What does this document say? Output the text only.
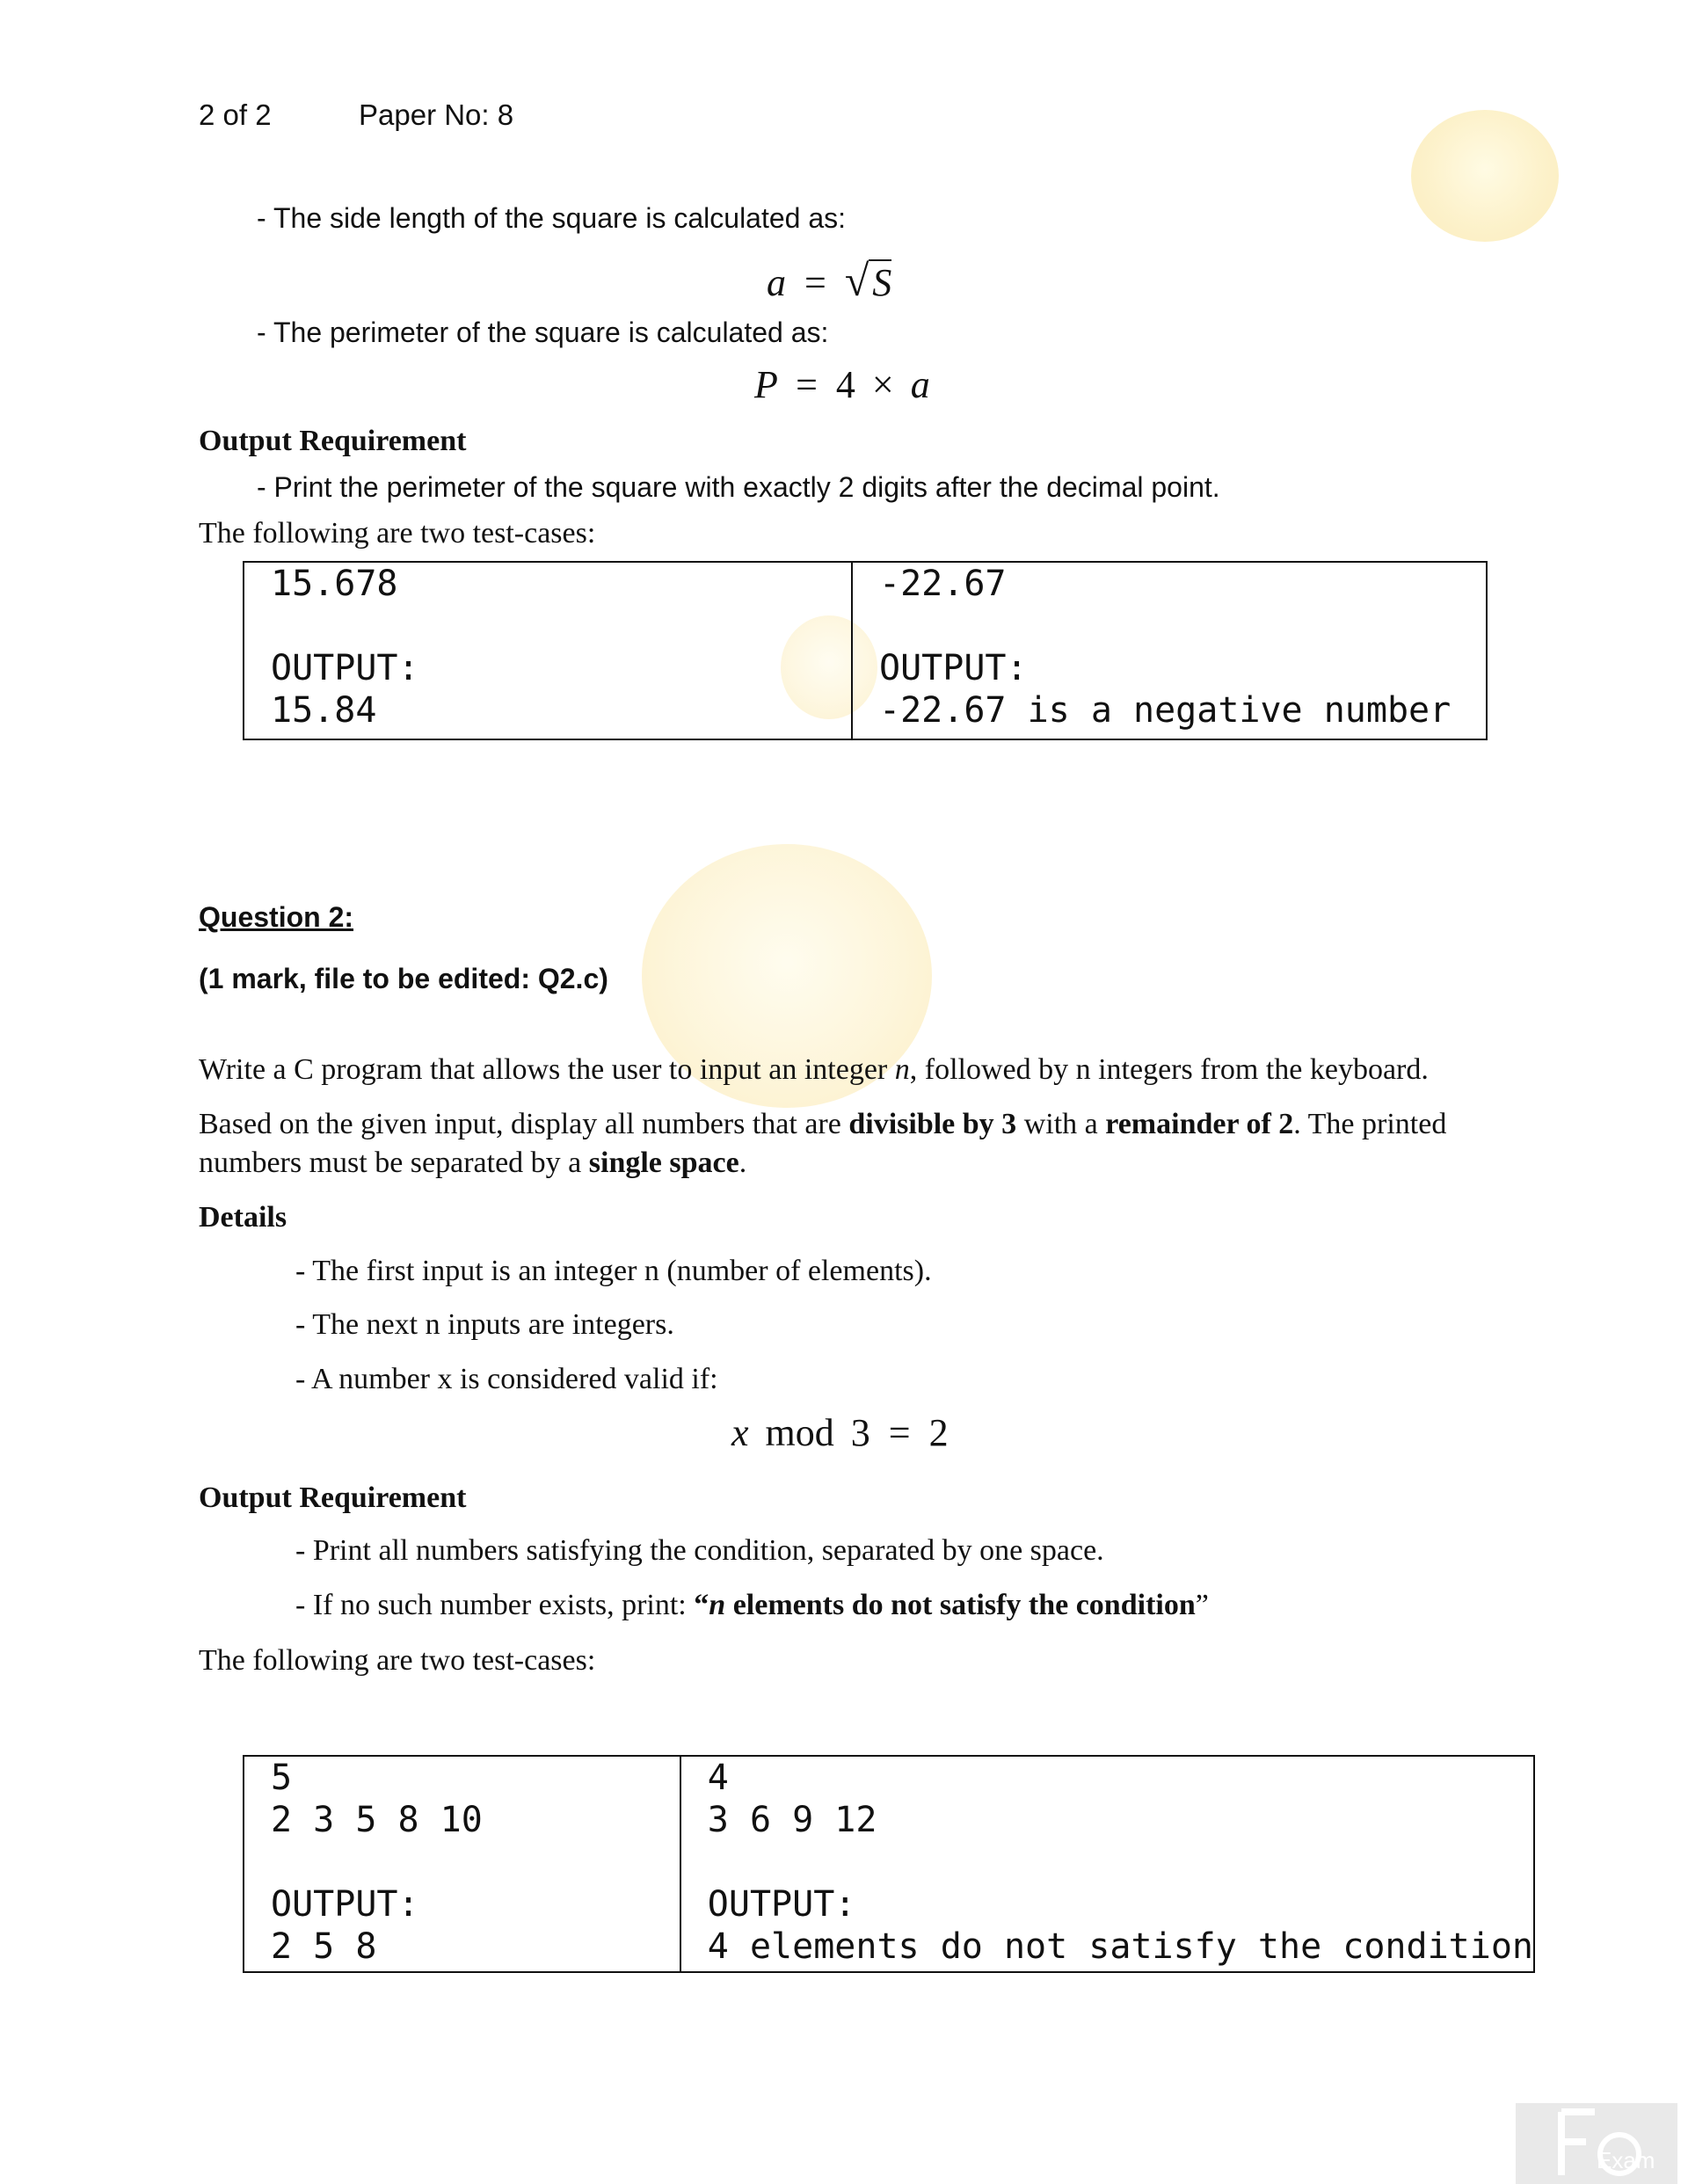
2 of 2	Paper No: 8
- The side length of the square is calculated as:
a = √S
- The perimeter of the square is calculated as:
P = 4 × a
Output Requirement
- Print the perimeter of the square with exactly 2 digits after the decimal point.
The following are two test-cases:
15.678
OUTPUT:
15.84

-22.67
OUTPUT:
-22.67 is a negative number
Question 2:
(1 mark, file to be edited: Q2.c)
Write a C program that allows the user to input an integer n, followed by n integers from the keyboard.
Based on the given input, display all numbers that are divisible by 3 with a remainder of 2. The printed
numbers must be separated by a single space.
Details
- The first input is an integer n (number of elements).
- The next n inputs are integers.
- A number x is considered valid if:
x mod 3 = 2
Output Requirement
- Print all numbers satisfying the condition, separated by one space.
- If no such number exists, print: “n elements do not satisfy the condition”
The following are two test-cases:
5
2 3 5 8 10
OUTPUT:
2 5 8

4
3 6 9 12
OUTPUT:
4 elements do not satisfy the condition
Exam
